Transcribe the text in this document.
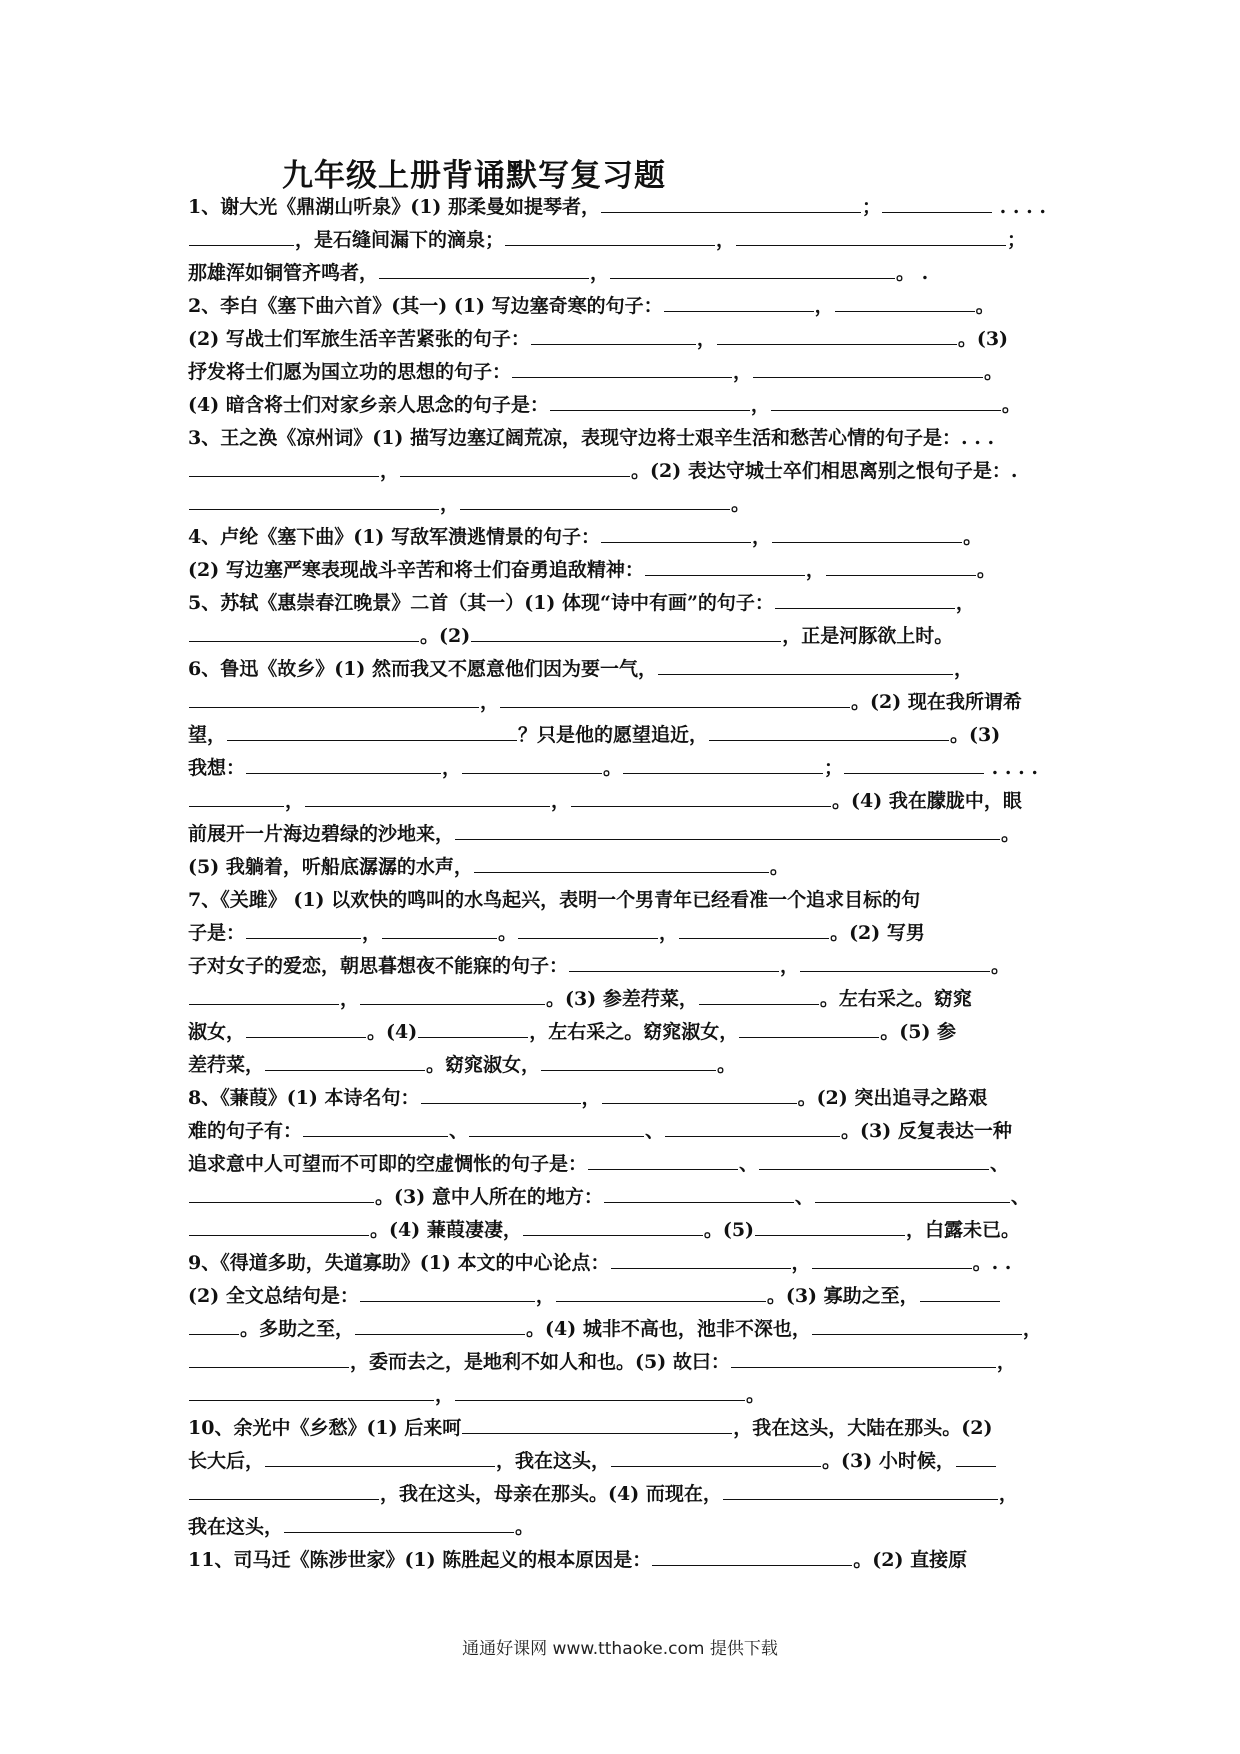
九年级上册背诵默写复习题
1、谢大光《鼎湖山听泉》(1) 那柔曼如提琴者，	；	. . . .
，是石缝间漏下的滴泉；	，	；
那雄浑如铜管齐鸣者，	，	。 .
2、李白《塞下曲六首》(其一) (1) 写边塞奇寒的句子：	，	。
(2) 写战士们军旅生活辛苦紧张的句子：	，	。(3)
抒发将士们愿为国立功的思想的句子：	，	。
(4) 暗含将士们对家乡亲人思念的句子是：	，	。
3、王之涣《凉州词》(1) 描写边塞辽阔荒凉，表现守边将士艰辛生活和愁苦心情的句子是：. . .
，	。(2) 表达守城士卒们相思离别之恨句子是：.
，	。
4、卢纶《塞下曲》(1) 写敌军溃逃情景的句子：	，	。
(2) 写边塞严寒表现战斗辛苦和将士们奋勇追敌精神：	，	。
5、苏轼《惠崇春江晚景》二首（其一）(1) 体现“诗中有画”的句子：	，
。(2)	，正是河豚欲上时。
6、鲁迅《故乡》(1) 然而我又不愿意他们因为要一气，	，
，	。(2) 现在我所谓希
望，	？只是他的愿望追近，	。(3)
我想：	，	。	；	. . . .
，	，	。(4) 我在朦胧中，眼
前展开一片海边碧绿的沙地来，	。
(5) 我躺着，听船底潺潺的水声，	。
7、《关雎》 (1) 以欢快的鸣叫的水鸟起兴，表明一个男青年已经看准一个追求目标的句
子是：	，	。	，	。(2) 写男
子对女子的爱恋，朝思暮想夜不能寐的句子：	，	。
，	。(3) 参差荇菜，	。左右采之。窈窕
淑女，	。(4)	，左右采之。窈窕淑女，	。(5) 参
差荇菜，	。窈窕淑女，	。
8、《蒹葭》(1) 本诗名句：	，	。(2) 突出追寻之路艰
难的句子有：	、	、	。(3) 反复表达一种
追求意中人可望而不可即的空虚惆怅的句子是：	、	、
。(3) 意中人所在的地方：	、	、
。(4) 蒹葭凄凄，	。(5)	，白露未已。
9、《得道多助，失道寡助》(1) 本文的中心论点：	，	。. .
(2) 全文总结句是：	，	。(3) 寡助之至，
。多助之至，	。(4) 城非不高也，池非不深也，	，
，委而去之，是地利不如人和也。(5) 故曰：	，
，	。
10、余光中《乡愁》(1) 后来呵	，我在这头，大陆在那头。(2)
长大后，	，我在这头，	。(3) 小时候，
，我在这头，母亲在那头。(4) 而现在，	，
我在这头，	。
11、司马迁《陈涉世家》(1) 陈胜起义的根本原因是：	。(2) 直接原
通通好课网 www.tthaoke.com 提供下载
